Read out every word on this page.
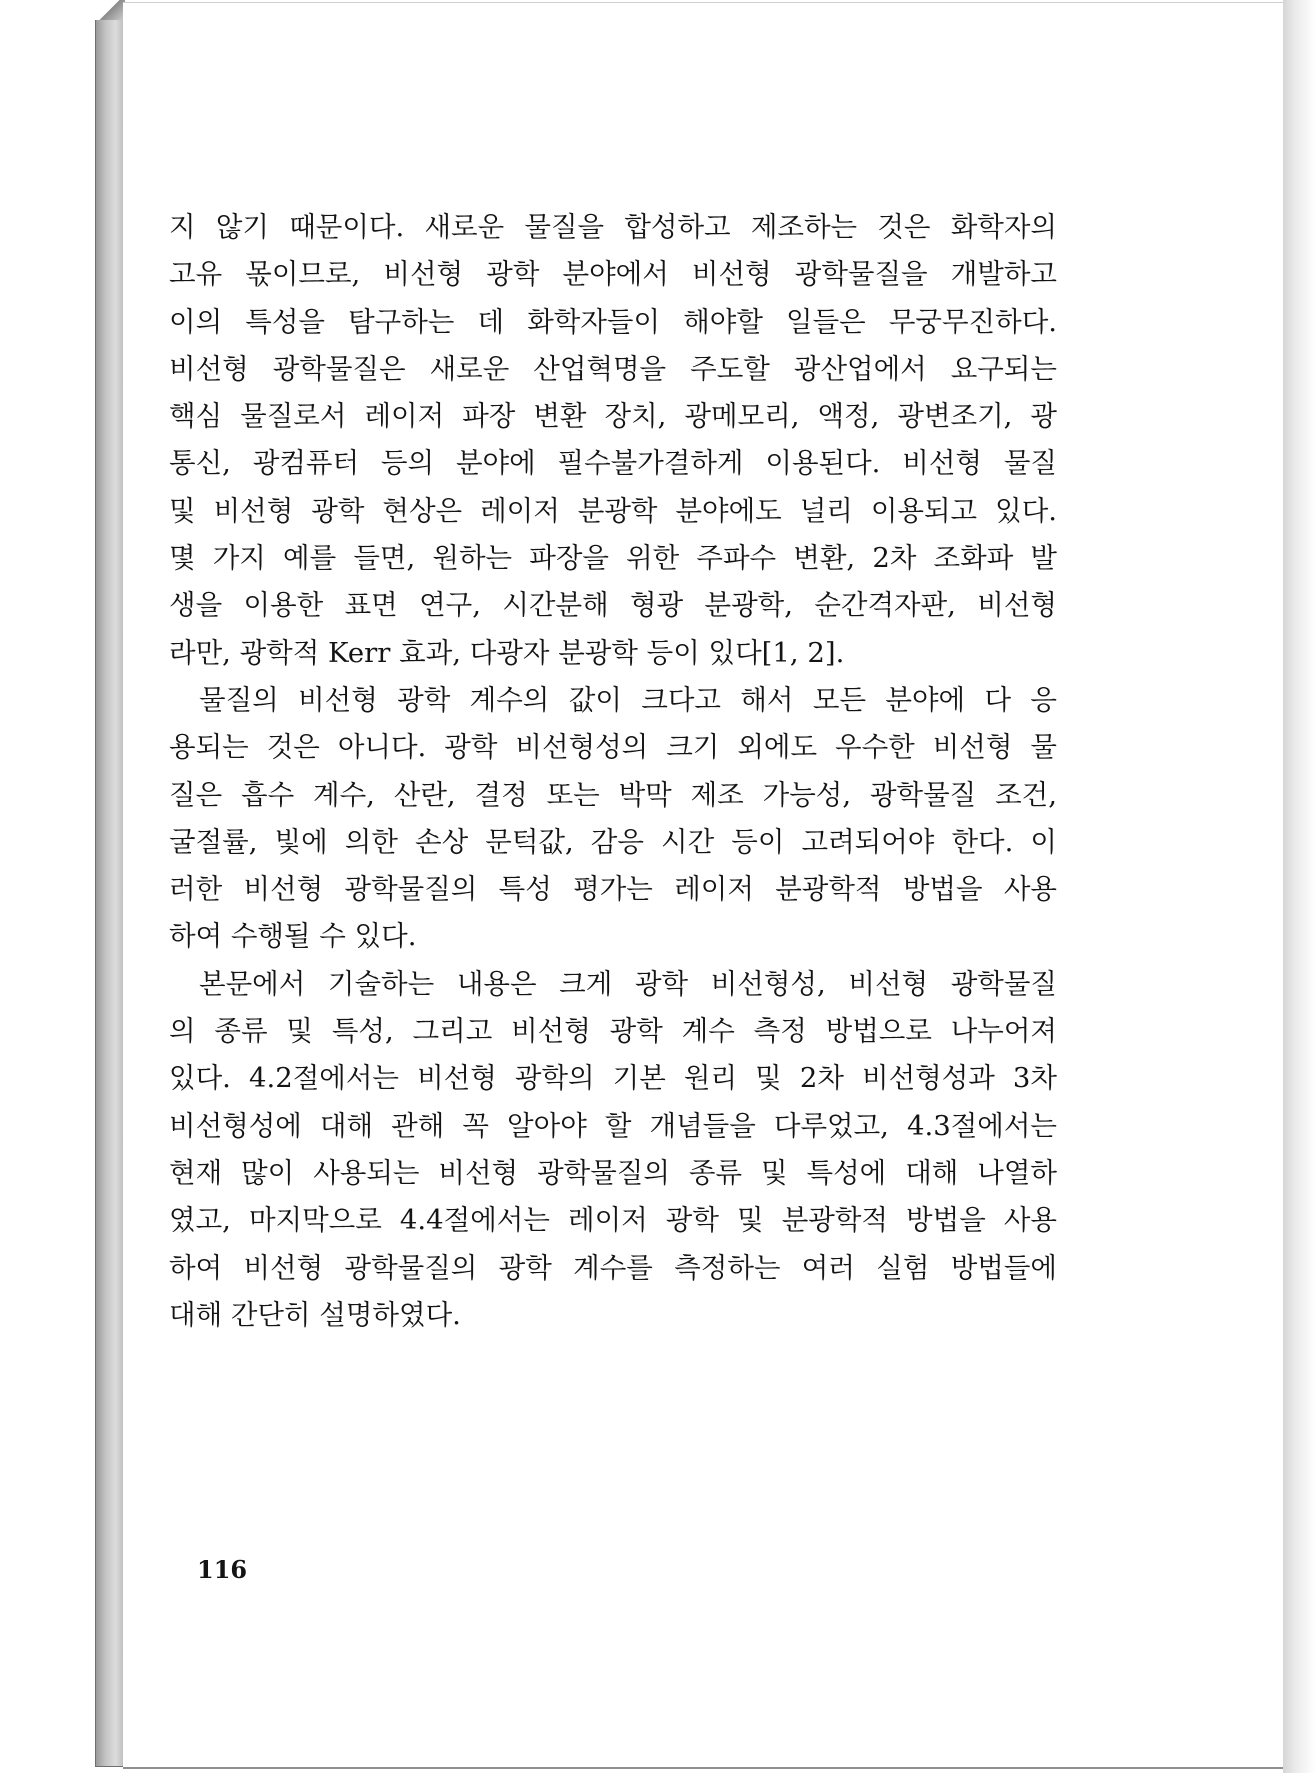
지 않기 때문이다. 새로운 물질을 합성하고 제조하는 것은 화학자의
고유 몫이므로, 비선형 광학 분야에서 비선형 광학물질을 개발하고
이의 특성을 탐구하는 데 화학자들이 해야할 일들은 무궁무진하다.
비선형 광학물질은 새로운 산업혁명을 주도할 광산업에서 요구되는
핵심 물질로서 레이저 파장 변환 장치, 광메모리, 액정, 광변조기, 광
통신, 광컴퓨터 등의 분야에 필수불가결하게 이용된다. 비선형 물질
및 비선형 광학 현상은 레이저 분광학 분야에도 널리 이용되고 있다.
몇 가지 예를 들면, 원하는 파장을 위한 주파수 변환, 2차 조화파 발
생을 이용한 표면 연구, 시간분해 형광 분광학, 순간격자판, 비선형
라만, 광학적 Kerr 효과, 다광자 분광학 등이 있다[1, 2].
물질의 비선형 광학 계수의 값이 크다고 해서 모든 분야에 다 응
용되는 것은 아니다. 광학 비선형성의 크기 외에도 우수한 비선형 물
질은 흡수 계수, 산란, 결정 또는 박막 제조 가능성, 광학물질 조건,
굴절률, 빛에 의한 손상 문턱값, 감응 시간 등이 고려되어야 한다. 이
러한 비선형 광학물질의 특성 평가는 레이저 분광학적 방법을 사용
하여 수행될 수 있다.
본문에서 기술하는 내용은 크게 광학 비선형성, 비선형 광학물질
의 종류 및 특성, 그리고 비선형 광학 계수 측정 방법으로 나누어져
있다. 4.2절에서는 비선형 광학의 기본 원리 및 2차 비선형성과 3차
비선형성에 대해 관해 꼭 알아야 할 개념들을 다루었고, 4.3절에서는
현재 많이 사용되는 비선형 광학물질의 종류 및 특성에 대해 나열하
였고, 마지막으로 4.4절에서는 레이저 광학 및 분광학적 방법을 사용
하여 비선형 광학물질의 광학 계수를 측정하는 여러 실험 방법들에
대해 간단히 설명하였다.
116
